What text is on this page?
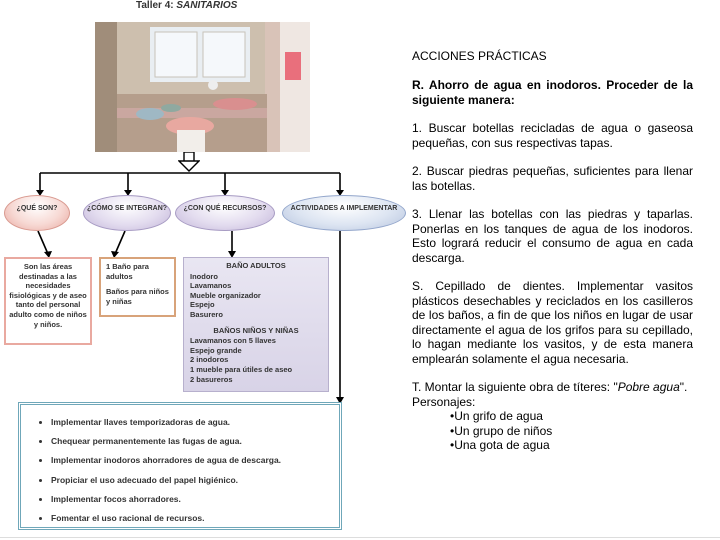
Taller 4: SANITARIOS
¿QUÉ SON?	¿CÓMO SE INTEGRAN?	¿CON QUÉ RECURSOS?	ACTIVIDADES A IMPLEMENTAR
Son las áreas destinadas a las necesidades fisiológicas y de aseo tanto del personal adulto como de niños y niños.
1 Baño para adultos
Baños para niños y niñas
BAÑO ADULTOS
Inodoro
Lavamanos
Mueble organizador
Espejo
Basurero
BAÑOS NIÑOS Y NIÑAS
Lavamanos con 5 llaves
Espejo grande
2 inodoros
1 mueble para útiles de aseo
2 basureros
• Implementar llaves temporizadoras de agua.
• Chequear permanentemente las fugas de agua.
• Implementar inodoros ahorradores de agua de descarga.
• Propiciar el uso adecuado del papel higiénico.
• Implementar focos ahorradores.
• Fomentar el uso racional de recursos.
ACCIONES PRÁCTICAS
R. Ahorro de agua en inodoros. Proceder de la siguiente manera:
1. Buscar botellas recicladas de agua o gaseosa pequeñas, con sus respectivas tapas.
2. Buscar piedras pequeñas, suficientes para llenar las botellas.
3. Llenar las botellas con las piedras y taparlas. Ponerlas en los tanques de agua de los inodoros. Esto logrará reducir el consumo de agua en cada descarga.
S. Cepillado de dientes. Implementar vasitos plásticos desechables y reciclados en los casilleros de los baños, a fin de que los niños en lugar de usar directamente el agua de los grifos para su cepillado, lo hagan mediante los vasitos, y de esta manera emplearán solamente el agua necesaria.
T. Montar la siguiente obra de títeres: "Pobre agua".
Personajes:
•Un grifo de agua
•Un grupo de niños
•Una gota de agua
